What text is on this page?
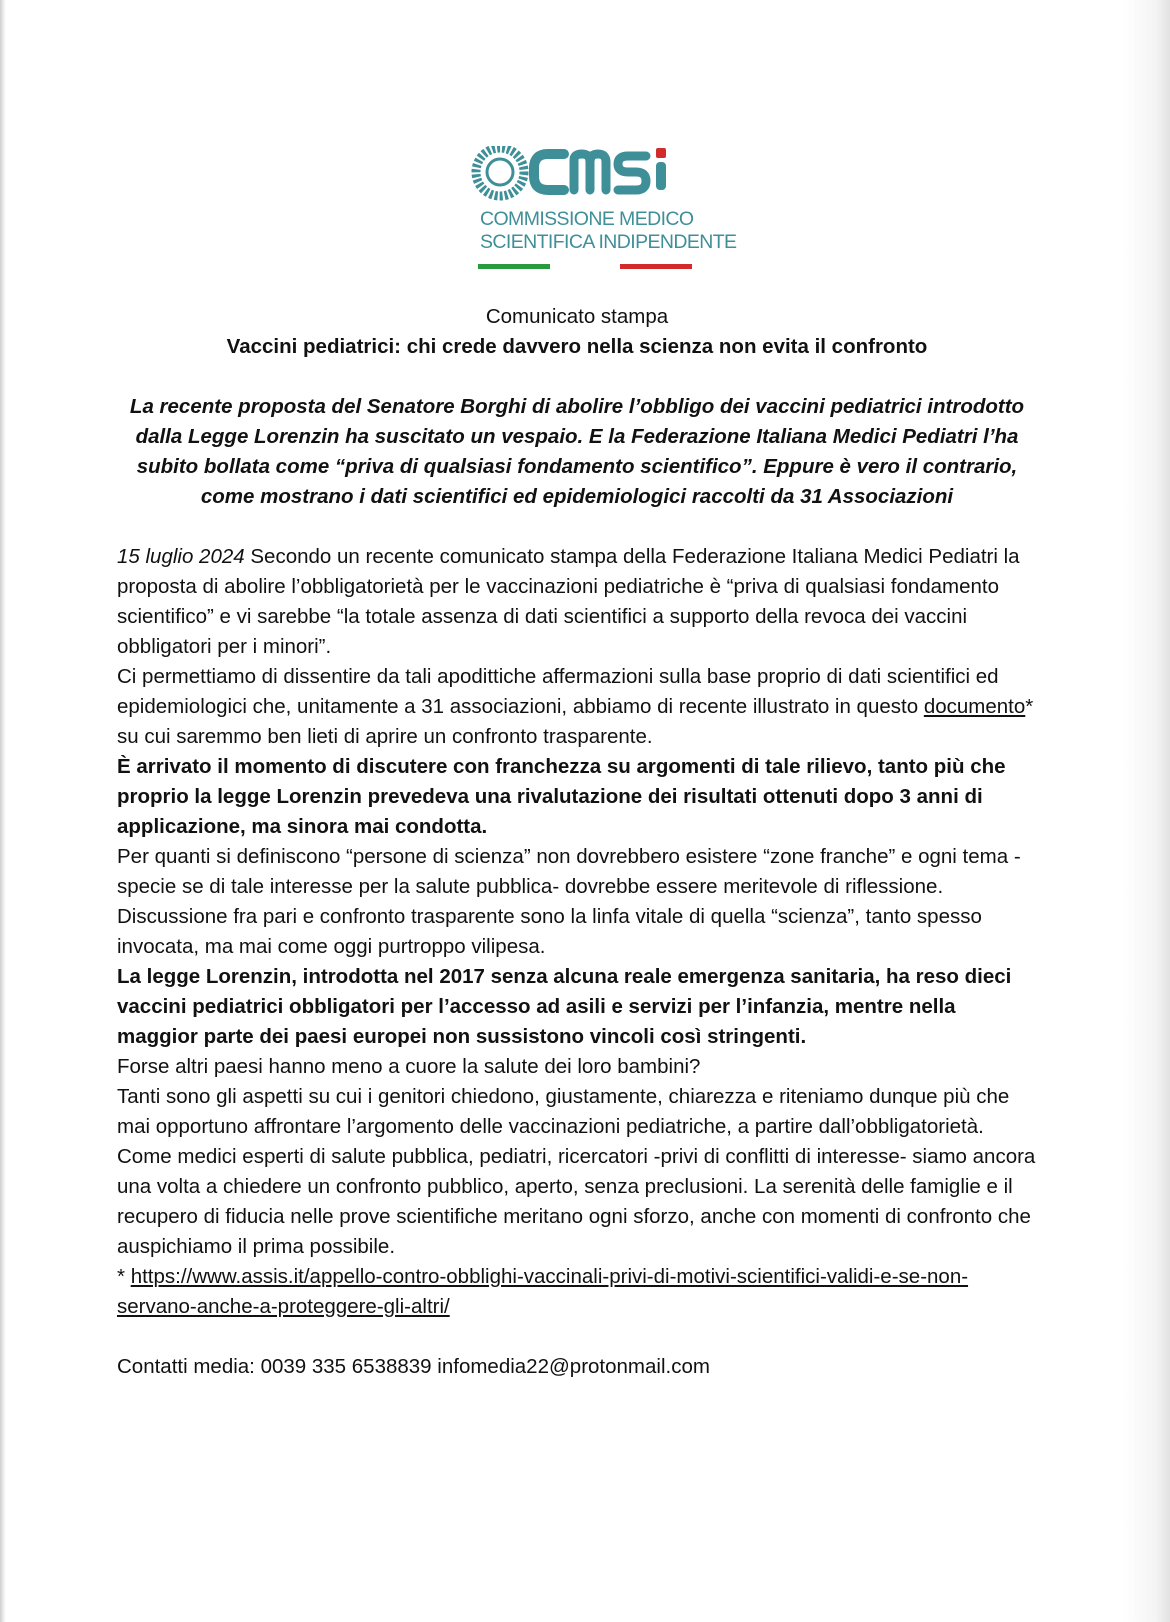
COMMISSIONE MEDICO
SCIENTIFICA INDIPENDENTE

Comunicato stampa

Vaccini pediatrici: chi crede davvero nella scienza non evita il confronto

La recente proposta del Senatore Borghi di abolire l’obbligo dei vaccini pediatrici introdotto dalla Legge Lorenzin ha suscitato un vespaio. E la Federazione Italiana Medici Pediatri l’ha subito bollata come “priva di qualsiasi fondamento scientifico”. Eppure è vero il contrario, come mostrano i dati scientifici ed epidemiologici raccolti da 31 Associazioni

15 luglio 2024 Secondo un recente comunicato stampa della Federazione Italiana Medici Pediatri la proposta di abolire l’obbligatorietà per le vaccinazioni pediatriche è “priva di qualsiasi fondamento scientifico” e vi sarebbe “la totale assenza di dati scientifici a supporto della revoca dei vaccini obbligatori per i minori”.

Ci permettiamo di dissentire da tali apodittiche affermazioni sulla base proprio di dati scientifici ed epidemiologici che, unitamente a 31 associazioni, abbiamo di recente illustrato in questo documento* su cui saremmo ben lieti di aprire un confronto trasparente.

È arrivato il momento di discutere con franchezza su argomenti di tale rilievo, tanto più che proprio la legge Lorenzin prevedeva una rivalutazione dei risultati ottenuti dopo 3 anni di applicazione, ma sinora mai condotta.

Per quanti si definiscono “persone di scienza” non dovrebbero esistere “zone franche” e ogni tema -specie se di tale interesse per la salute pubblica- dovrebbe essere meritevole di riflessione. Discussione fra pari e confronto trasparente sono la linfa vitale di quella “scienza”, tanto spesso invocata, ma mai come oggi purtroppo vilipesa.

La legge Lorenzin, introdotta nel 2017 senza alcuna reale emergenza sanitaria, ha reso dieci vaccini pediatrici obbligatori per l’accesso ad asili e servizi per l’infanzia, mentre nella maggior parte dei paesi europei non sussistono vincoli così stringenti.

Forse altri paesi hanno meno a cuore la salute dei loro bambini?

Tanti sono gli aspetti su cui i genitori chiedono, giustamente, chiarezza e riteniamo dunque più che mai opportuno affrontare l’argomento delle vaccinazioni pediatriche, a partire dall’obbligatorietà.

Come medici esperti di salute pubblica, pediatri, ricercatori -privi di conflitti di interesse- siamo ancora una volta a chiedere un confronto pubblico, aperto, senza preclusioni. La serenità delle famiglie e il recupero di fiducia nelle prove scientifiche meritano ogni sforzo, anche con momenti di confronto che auspichiamo il prima possibile.

* https://www.assis.it/appello-contro-obblighi-vaccinali-privi-di-motivi-scientifici-validi-e-se-non-servano-anche-a-proteggere-gli-altri/

Contatti media: 0039 335 6538839 infomedia22@protonmail.com
